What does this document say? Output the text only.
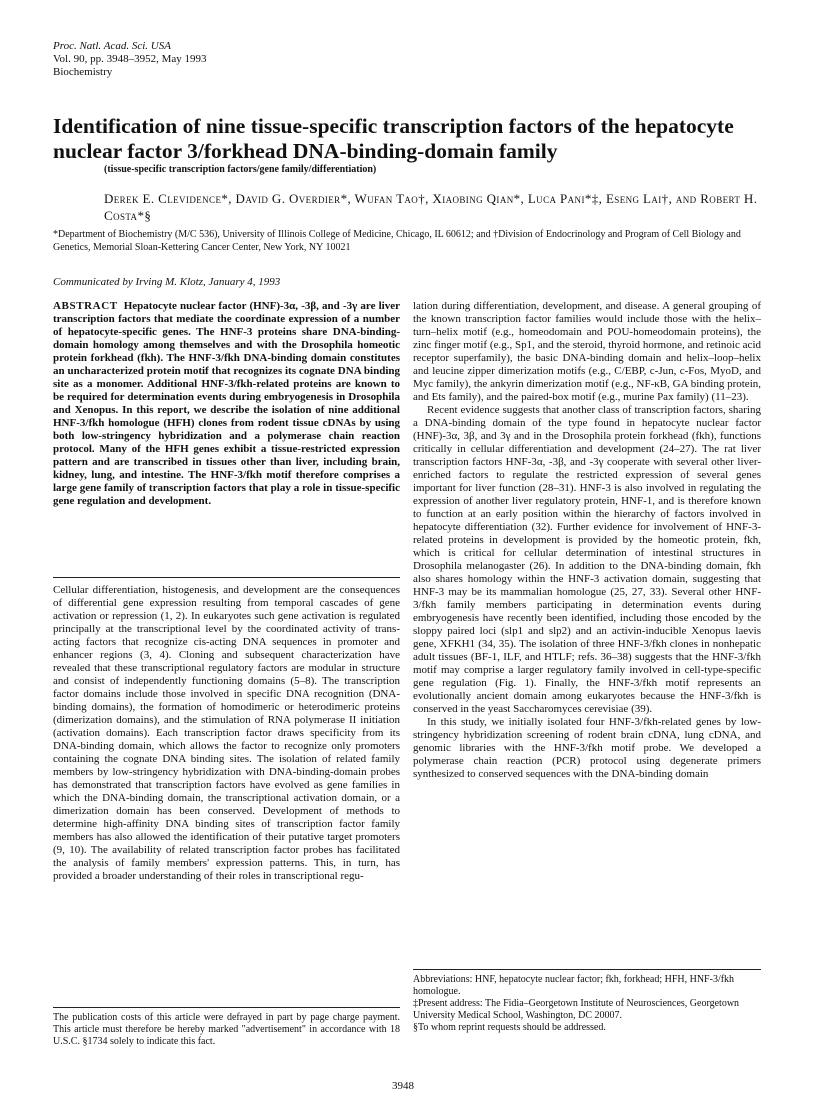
Proc. Natl. Acad. Sci. USA
Vol. 90, pp. 3948–3952, May 1993
Biochemistry
Identification of nine tissue-specific transcription factors of the hepatocyte nuclear factor 3/forkhead DNA-binding-domain family
(tissue-specific transcription factors/gene family/differentiation)
Derek E. Clevidence*, David G. Overdier*, Wufan Tao†, Xiaobing Qian*, Luca Pani*‡, Eseng Lai†, and Robert H. Costa*§
*Department of Biochemistry (M/C 536), University of Illinois College of Medicine, Chicago, IL 60612; and †Division of Endocrinology and Program of Cell Biology and Genetics, Memorial Sloan-Kettering Cancer Center, New York, NY 10021
Communicated by Irving M. Klotz, January 4, 1993

ABSTRACT Hepatocyte nuclear factor (HNF)-3α, -3β, and -3γ are liver transcription factors that mediate the coordinate expression of a number of hepatocyte-specific genes. The HNF-3 proteins share DNA-binding-domain homology among themselves and with the Drosophila homeotic protein forkhead (fkh). The HNF-3/fkh DNA-binding domain constitutes an uncharacterized protein motif that recognizes its cognate DNA binding site as a monomer. Additional HNF-3/fkh-related proteins are known to be required for determination events during embryogenesis in Drosophila and Xenopus. In this report, we describe the isolation of nine additional HNF-3/fkh homologue (HFH) clones from rodent tissue cDNAs by using both low-stringency hybridization and a polymerase chain reaction protocol. Many of the HFH genes exhibit a tissue-restricted expression pattern and are transcribed in tissues other than liver, including brain, kidney, lung, and intestine. The HNF-3/fkh motif therefore comprises a large gene family of transcription factors that play a role in tissue-specific gene regulation and development.

Cellular differentiation, histogenesis, and development are the consequences of differential gene expression resulting from temporal cascades of gene activation or repression (1, 2). In eukaryotes such gene activation is regulated principally at the transcriptional level by the coordinated activity of trans-acting factors that recognize cis-acting DNA sequences in promoter and enhancer regions (3, 4). Cloning and subsequent characterization have revealed that these transcriptional regulatory factors are modular in structure and consist of independently functioning domains (5–8). The transcription factor domains include those involved in specific DNA recognition (DNA-binding domains), the formation of homodimeric or heterodimeric proteins (dimerization domains), and the stimulation of RNA polymerase II initiation (activation domains). Each transcription factor draws specificity from its DNA-binding domain, which allows the factor to recognize only promoters containing the cognate DNA binding sites. The isolation of related family members by low-stringency hybridization with DNA-binding-domain probes has demonstrated that transcription factors have evolved as gene families in which the DNA-binding domain, the transcriptional activation domain, or a dimerization domain has been conserved. Development of methods to determine high-affinity DNA binding sites of transcription factor family members has also allowed the identification of their putative target promoters (9, 10). The availability of related transcription factor probes has facilitated the analysis of family members' expression patterns. This, in turn, has provided a broader understanding of their roles in transcriptional regu-

lation during differentiation, development, and disease. A general grouping of the known transcription factor families would include those with the helix–turn–helix motif (e.g., homeodomain and POU-homeodomain proteins), the zinc finger motif (e.g., Sp1, and the steroid, thyroid hormone, and retinoic acid receptor superfamily), the basic DNA-binding domain and helix–loop–helix and leucine zipper dimerization motifs (e.g., C/EBP, c-Jun, c-Fos, MyoD, and Myc family), the ankyrin dimerization motif (e.g., NF-κB, GA binding protein, and Ets family), and the paired-box motif (e.g., murine Pax family) (11–23).

Recent evidence suggests that another class of transcription factors, sharing a DNA-binding domain of the type found in hepatocyte nuclear factor (HNF)-3α, 3β, and 3γ and in the Drosophila protein forkhead (fkh), functions critically in cellular differentiation and development (24–27). The rat liver transcription factors HNF-3α, -3β, and -3γ cooperate with several other liver-enriched factors to regulate the restricted expression of several genes important for liver function (28–31). HNF-3 is also involved in regulating the expression of another liver regulatory protein, HNF-1, and is therefore known to function at an early position within the hierarchy of factors involved in hepatocyte differentiation (32). Further evidence for involvement of HNF-3-related proteins in development is provided by the homeotic protein, fkh, which is critical for cellular determination of intestinal structures in Drosophila melanogaster (26). In addition to the DNA-binding domain, fkh also shares homology within the HNF-3 activation domain, suggesting that HNF-3 may be its mammalian homologue (25, 27, 33). Several other HNF-3/fkh family members participating in determination events during embryogenesis have recently been identified, including those encoded by the sloppy paired loci (slp1 and slp2) and an activin-inducible Xenopus laevis gene, XFKH1 (34, 35). The isolation of three HNF-3/fkh clones in nonhepatic adult tissues (BF-1, ILF, and HTLF; refs. 36–38) suggests that the HNF-3/fkh motif may comprise a larger regulatory family involved in cell-type-specific gene regulation (Fig. 1). Finally, the HNF-3/fkh motif represents an evolutionally ancient domain among eukaryotes because the HNF-3/fkh is conserved in the yeast Saccharomyces cerevisiae (39).

In this study, we initially isolated four HNF-3/fkh-related genes by low-stringency hybridization screening of rodent brain cDNA, lung cDNA, and genomic libraries with the HNF-3/fkh motif probe. We developed a polymerase chain reaction (PCR) protocol using degenerate primers synthesized to conserved sequences with the DNA-binding domain

Abbreviations: HNF, hepatocyte nuclear factor; fkh, forkhead; HFH, HNF-3/fkh homologue.
‡Present address: The Fidia–Georgetown Institute of Neurosciences, Georgetown University Medical School, Washington, DC 20007.
§To whom reprint requests should be addressed.
The publication costs of this article were defrayed in part by page charge payment. This article must therefore be hereby marked "advertisement" in accordance with 18 U.S.C. §1734 solely to indicate this fact.
3948
